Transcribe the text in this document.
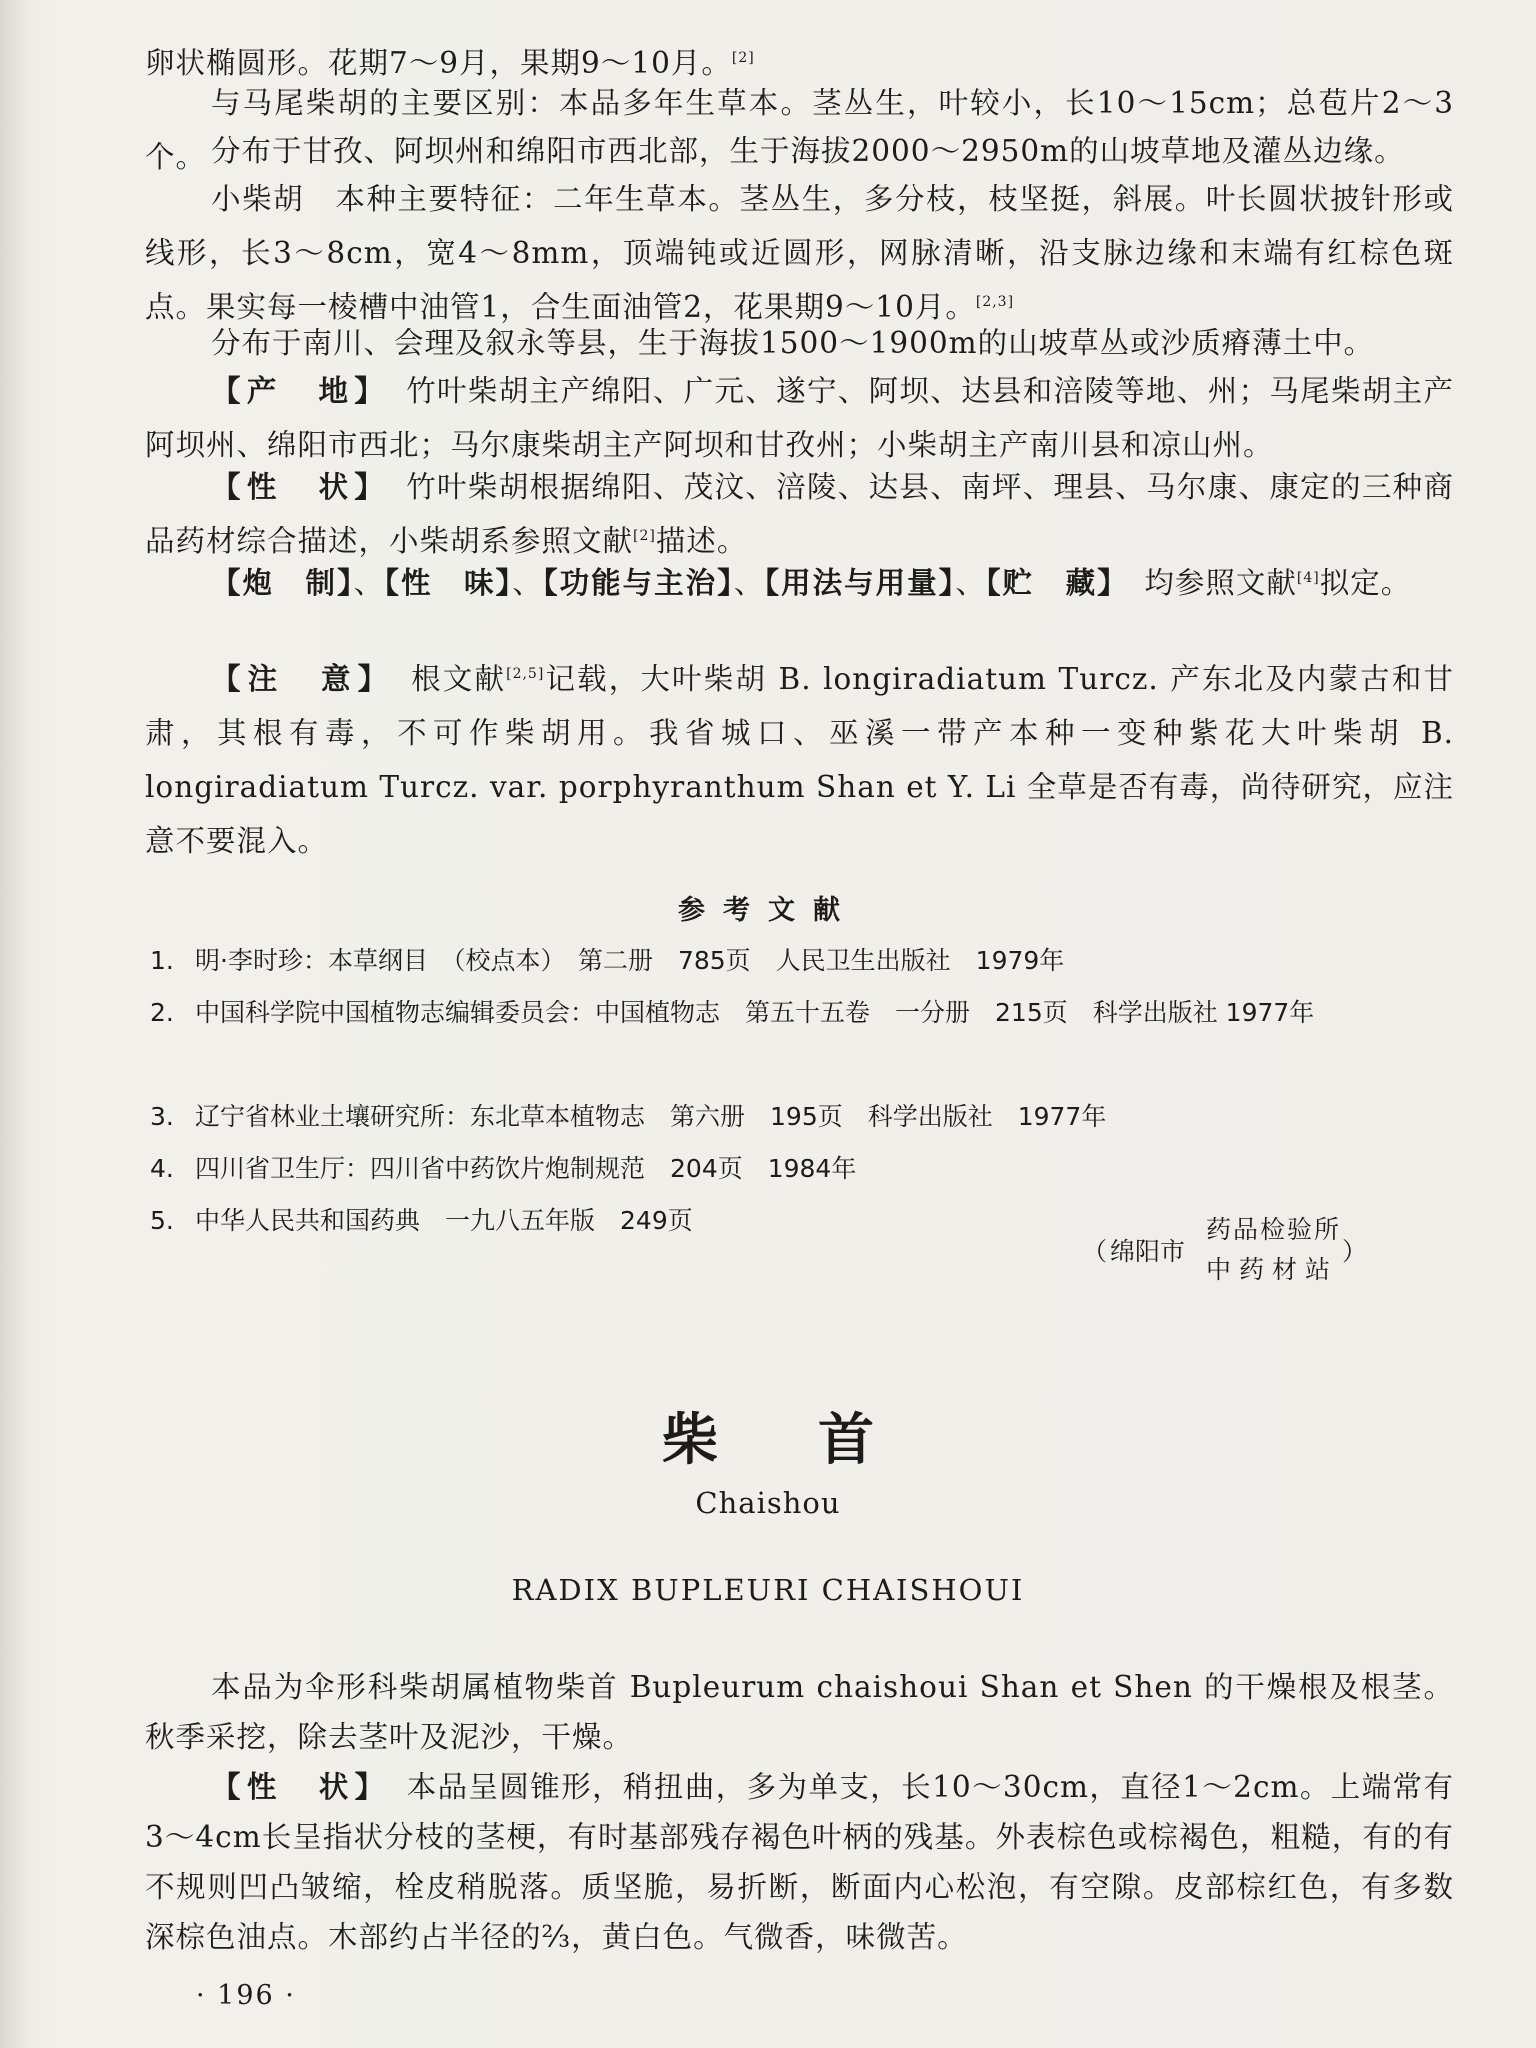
卵状椭圆形。花期7～9月，果期9～10月。[2]

与马尾柴胡的主要区别：本品多年生草本。茎丛生，叶较小，长10～15cm；总苞片2～3个。 分布于甘孜、阿坝州和绵阳市西北部，生于海拔2000～2950m的山坡草地及灌丛边缘。

小柴胡　本种主要特征：二年生草本。茎丛生，多分枝，枝坚挺，斜展。叶长圆状披针形或线形，长3～8cm，宽4～8mm，顶端钝或近圆形，网脉清晰，沿支脉边缘和末端有红棕色斑点。果实每一棱槽中油管1，合生面油管2，花果期9～10月。[2,3]

分布于南川、会理及叙永等县，生于海拔1500～1900m的山坡草丛或沙质瘠薄土中。

【产　地】　 竹叶柴胡主产绵阳、广元、遂宁、阿坝、达县和涪陵等地、州；马尾柴胡主产阿坝州、绵阳市西北；马尔康柴胡主产阿坝和甘孜州；小柴胡主产南川县和凉山州。

【性　状】　 竹叶柴胡根据绵阳、茂汶、涪陵、达县、南坪、理县、马尔康、康定的三种商品药材综合描述，小柴胡系参照文献[2]描述。

【炮　制】、【性　味】、【功能与主治】、【用法与用量】、【贮　藏】　 均参照文献[4]拟定。

【注　意】　 根文献[2,5]记载，大叶柴胡 B. longiradiatum Turcz. 产东北及内蒙古和甘肃，其根有毒，不可作柴胡用。我省城口、巫溪一带产本种一变种紫花大叶柴胡 B. longiradiatum Turcz. var. porphyranthum Shan et Y. Li 全草是否有毒，尚待研究，应注意不要混入。

参考文献

1. 明·李时珍：本草纲目　（校点本）　第二册　785页　人民卫生出版社　1979年

2. 中国科学院中国植物志编辑委员会：中国植物志　第五十五卷　一分册　215页　科学出版社 1977年

3. 辽宁省林业土壤研究所：东北草本植物志　第六册　195页　科学出版社　1977年

4. 四川省卫生厅：四川省中药饮片炮制规范　204页　1984年

5. 中华人民共和国药典　一九八五年版　249页

（ 绵阳市
药品检验所
中药材站
）
柴首
Chaishou
RADIX BUPLEURI CHAISHOUI

本品为伞形科柴胡属植物柴首 Bupleurum chaishoui Shan et Shen 的干燥根及根茎。秋季采挖，除去茎叶及泥沙，干燥。

【性　状】　 本品呈圆锥形，稍扭曲，多为单支，长10～30cm，直径1～2cm。上端常有3～4cm长呈指状分枝的茎梗，有时基部残存褐色叶柄的残基。外表棕色或棕褐色，粗糙，有的有不规则凹凸皱缩，栓皮稍脱落。质坚脆，易折断，断面内心松泡，有空隙。皮部棕红色，有多数深棕色油点。木部约占半径的⅔，黄白色。气微香，味微苦。

· 196 ·
